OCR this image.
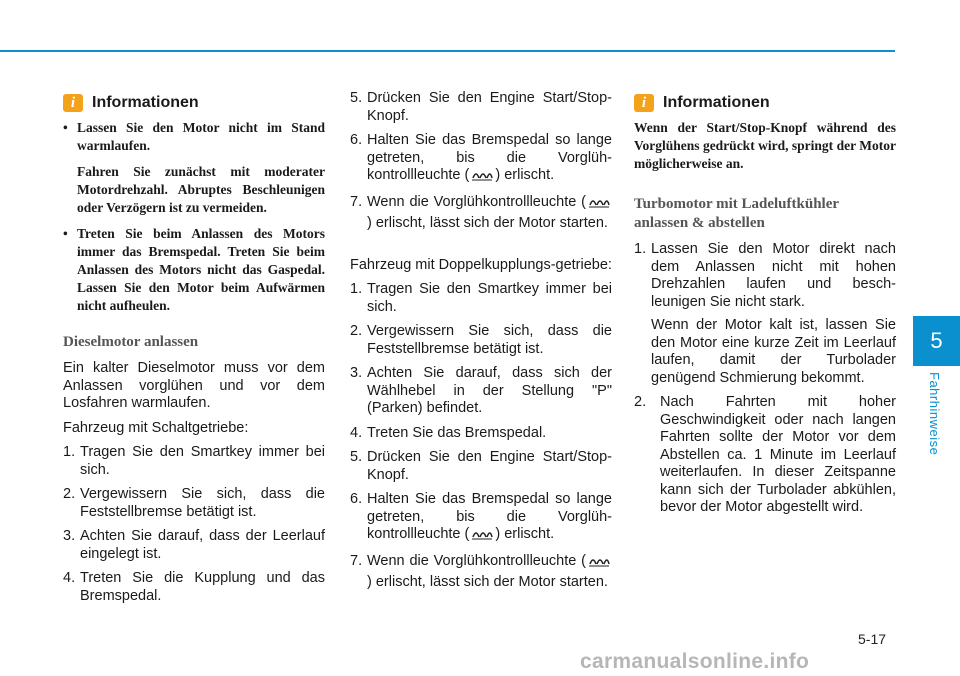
i	Informationen
• Lassen Sie den Motor nicht im Stand warmlaufen.

Fahren Sie zunächst mit moderater Motordrehzahl. Abruptes Beschleunigen oder Verzögern ist zu vermeiden.

• Treten Sie beim Anlassen des Motors immer das Bremspedal. Treten Sie beim Anlassen des Motors nicht das Gaspedal. Lassen Sie den Motor beim Aufwärmen nicht aufheulen.

Dieselmotor anlassen

Ein kalter Dieselmotor muss vor dem Anlassen vorglühen und vor dem Losfahren warmlaufen.

Fahrzeug mit Schaltgetriebe:

1. Tragen Sie den Smartkey immer bei sich.
2. Vergewissern Sie sich, dass die Feststellbremse betätigt ist.
3. Achten Sie darauf, dass der Leerlauf eingelegt ist.
4. Treten Sie die Kupplung und das Bremspedal.
5. Drücken Sie den Engine Start/Stop-Knopf.
6. Halten Sie das Bremspedal so lange getreten, bis die Vorglüh-kontrollleuchte ( ) erlischt.
7. Wenn die Vorglühkontrollleuchte () erlischt, lässt sich der Motor starten.

Fahrzeug mit Doppelkupplungs-getriebe:

1. Tragen Sie den Smartkey immer bei sich.
2. Vergewissern Sie sich, dass die Feststellbremse betätigt ist.
3. Achten Sie darauf, dass sich der Wählhebel in der Stellung "P" (Parken) befindet.
4. Treten Sie das Bremspedal.
5. Drücken Sie den Engine Start/Stop-Knopf.
6. Halten Sie das Bremspedal so lange getreten, bis die Vorglüh-kontrollleuchte ( ) erlischt.
7. Wenn die Vorglühkontrollleuchte () erlischt, lässt sich der Motor starten.
i	Informationen

Wenn der Start/Stop-Knopf während des Vorglühens gedrückt wird, springt der Motor möglicherweise an.

Turbomotor mit Ladeluftkühler anlassen & abstellen
1. Lassen Sie den Motor direkt nach dem Anlassen nicht mit hohen Drehzahlen laufen und besch-leunigen Sie nicht stark.
Wenn der Motor kalt ist, lassen Sie den Motor eine kurze Zeit im Leerlauf laufen, damit der Turbolader genügend Schmierung bekommt.
2. Nach Fahrten mit hoher Geschwindigkeit oder nach langen Fahrten sollte der Motor vor dem Abstellen ca. 1 Minute im Leerlauf weiterlaufen. In dieser Zeitspanne kann sich der Turbolader abkühlen, bevor der Motor abgestellt wird.
5
Fahrhinweise
5-17
carmanualsonline.info
